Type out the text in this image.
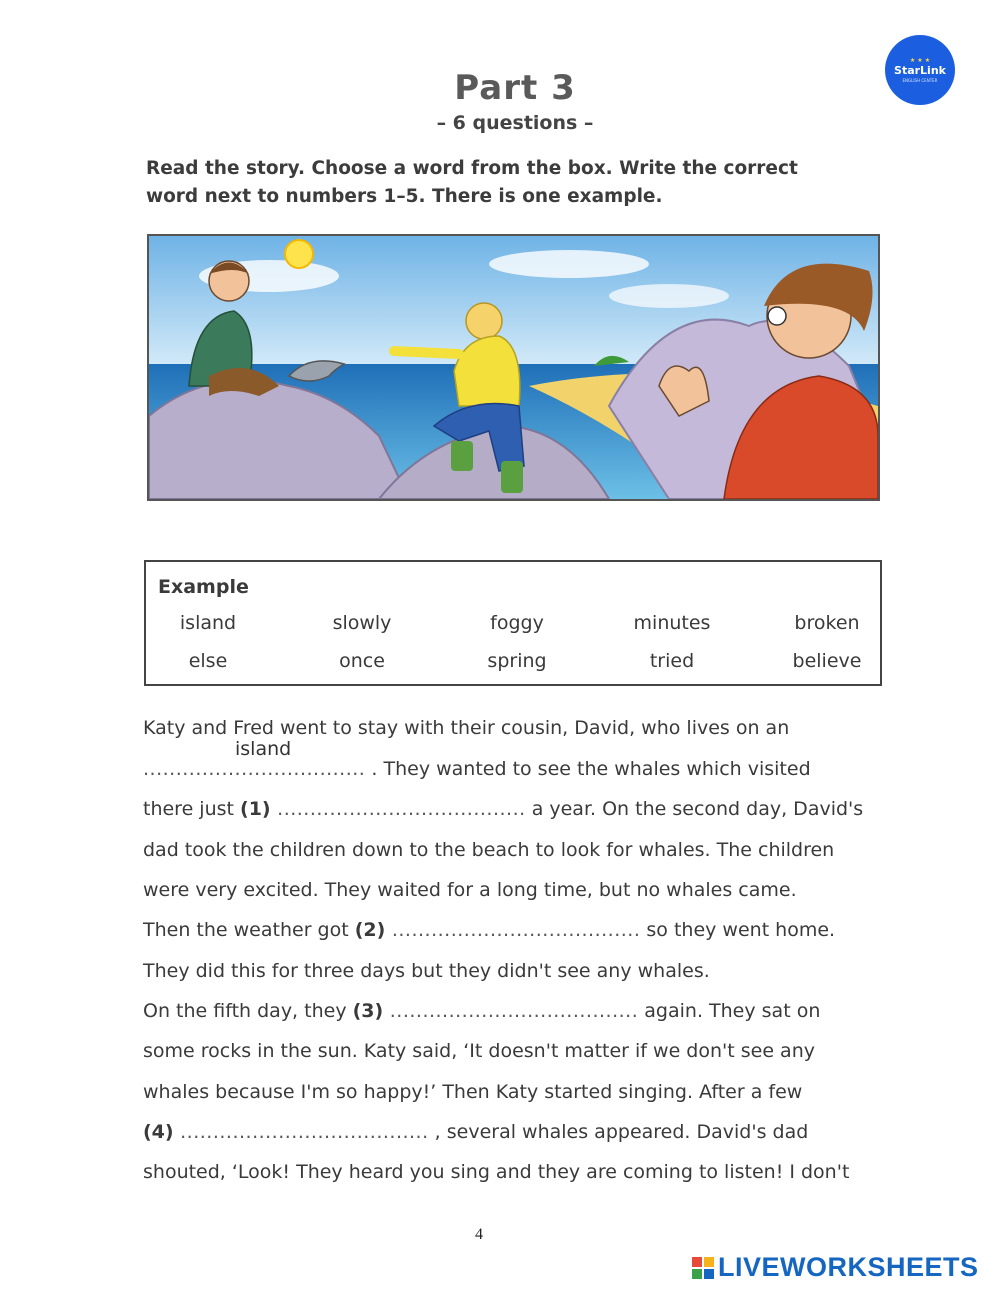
★ ★ ★
StarLink
ENGLISH CENTER
Part 3
– 6 questions –
Read the story. Choose a word from the box. Write the correct
word next to numbers 1–5. There is one example.
Example
island	slowly	foggy	minutes	broken
else	once	spring	tried	believe
Katy and Fred went to stay with their cousin, David, who lives on an
..................................
island
. They wanted to see the whales which visited
there just (1) ...................................... a year. On the second day, David's
dad took the children down to the beach to look for whales. The children
were very excited. They waited for a long time, but no whales came.
Then the weather got (2) ...................................... so they went home.
They did this for three days but they didn't see any whales.
On the fifth day, they (3) ...................................... again. They sat on
some rocks in the sun. Katy said, ‘It doesn't matter if we don't see any
whales because I'm so happy!’ Then Katy started singing. After a few
(4) ...................................... , several whales appeared. David's dad
shouted, ‘Look! They heard you sing and they are coming to listen! I don't
4
LIVEWORKSHEETS
